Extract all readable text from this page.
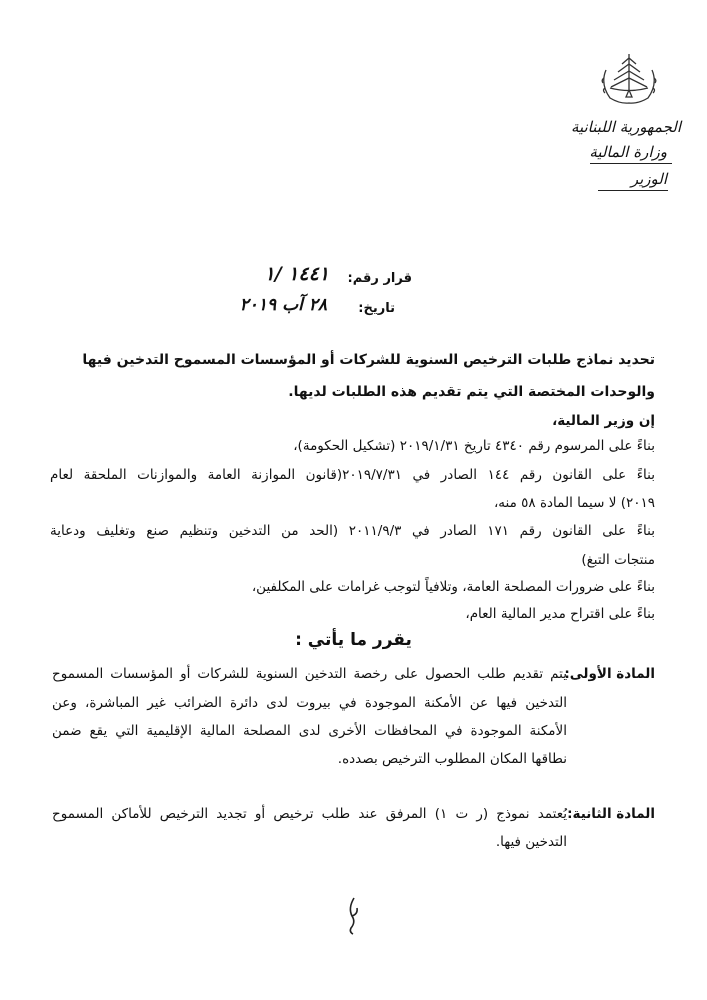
الجمهورية اللبنانية
وزارة المالية
الوزير
قرار رقم:
١٤٤١ /١
تاريخ:
٢٨ آب ٢٠١٩
تحديد نماذج طلبات الترخيص السنوية للشركات أو المؤسسات المسموح التدخين فيها والوحدات المختصة التي يتم تقديم هذه الطلبات لديها.
إن وزير المالية،
بناءً على المرسوم رقم ٤٣٤٠ تاريخ ٢٠١٩/١/٣١ (تشكيل الحكومة)،
بناءً على القانون رقم ١٤٤ الصادر في ٢٠١٩/٧/٣١(قانون الموازنة العامة والموازنات الملحقة لعام
٢٠١٩) لا سيما المادة ٥٨ منه،
بناءً على القانون رقم ١٧١ الصادر في ٢٠١١/٩/٣ (الحد من التدخين وتنظيم صنع وتغليف ودعاية
منتجات التبغ)
بناءً على ضرورات المصلحة العامة، وتلافياً لتوجب غرامات على المكلفين،
بناءً على اقتراح مدير المالية العام،
يقرر ما يأتي :
المادة الأولى:
يتم تقديم طلب الحصول على رخصة التدخين السنوية للشركات أو المؤسسات المسموح
التدخين فيها عن الأمكنة الموجودة في بيروت لدى دائرة الضرائب غير المباشرة، وعن
الأمكنة الموجودة في المحافظات الأخرى لدى المصلحة المالية الإقليمية التي يقع ضمن
نطاقها المكان المطلوب الترخيص بصدده.
المادة الثانية:
يُعتمد نموذج (ر ت ١) المرفق عند طلب ترخيص أو تجديد الترخيص للأماكن المسموح
التدخين فيها.
